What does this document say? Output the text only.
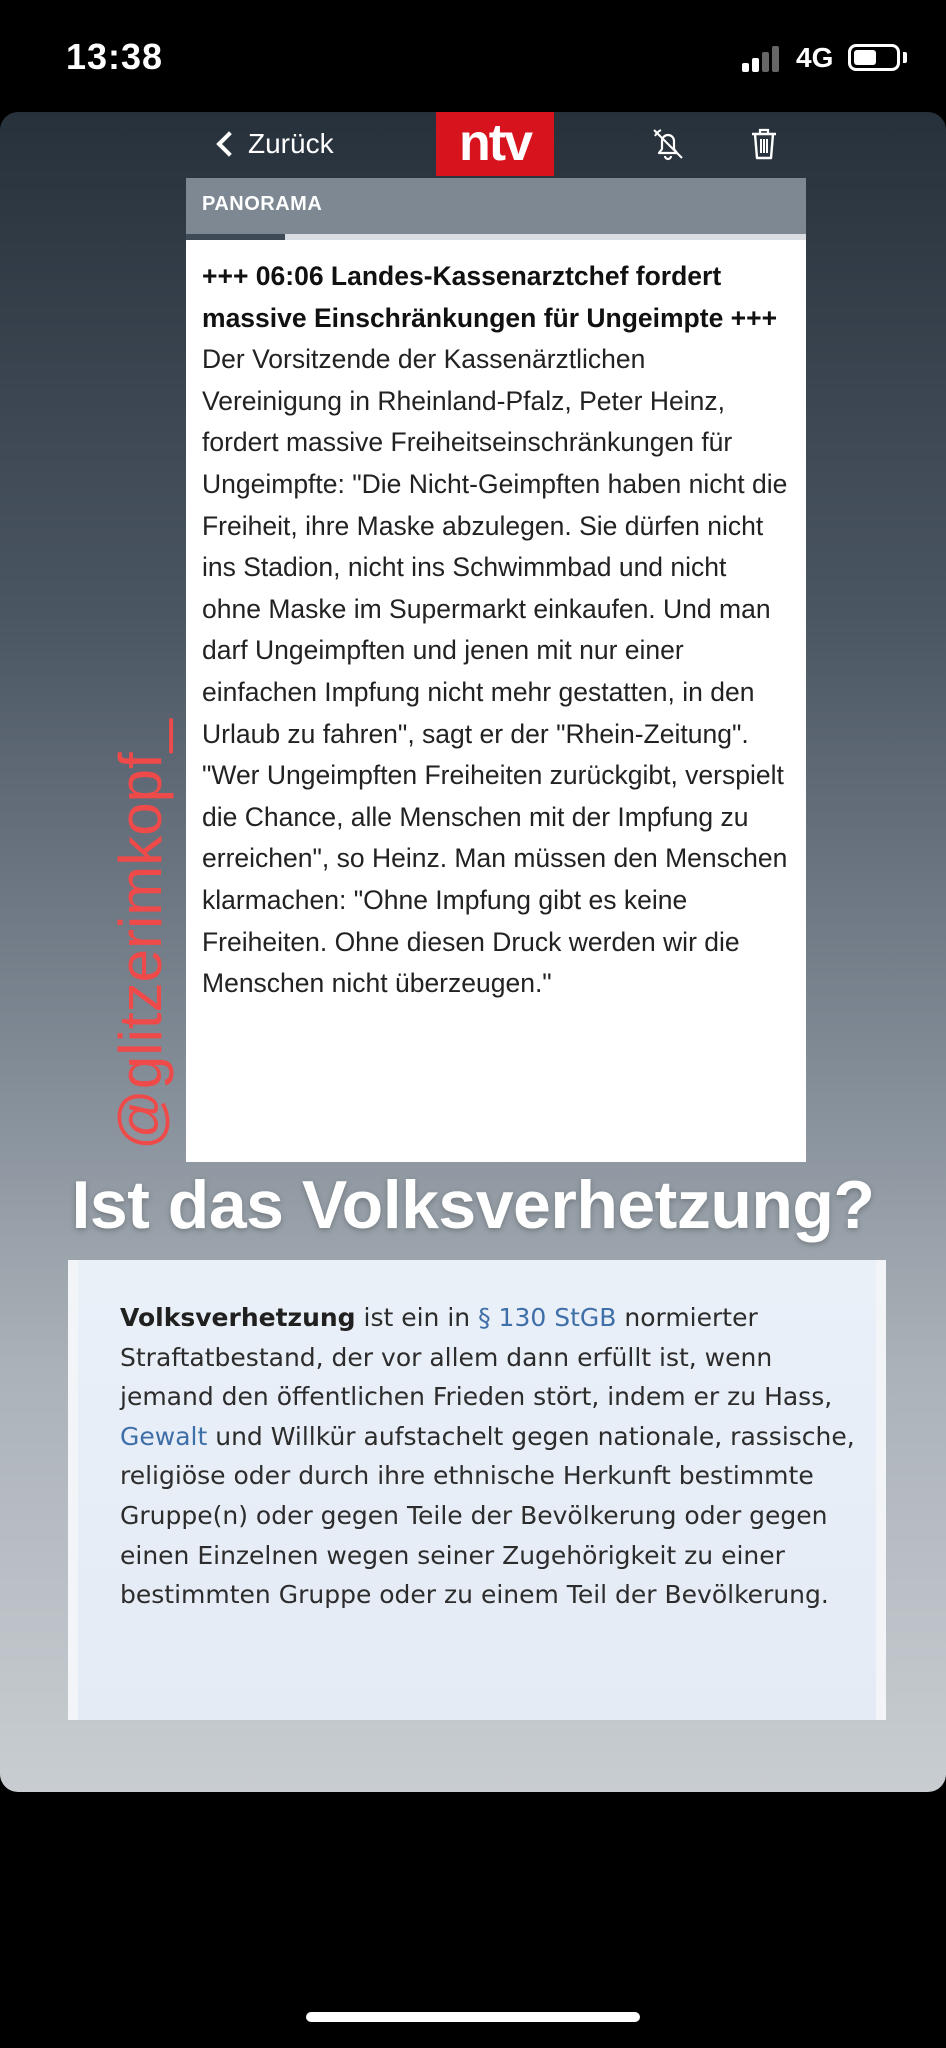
13:38	4G
Zurück	ntv
PANORAMA
+++ 06:06 Landes-Kassenarztchef fordert massive Einschränkungen für Ungeimpte +++
Der Vorsitzende der Kassenärztlichen Vereinigung in Rheinland-Pfalz, Peter Heinz, fordert massive Freiheitseinschränkungen für Ungeimpfte: "Die Nicht-Geimpften haben nicht die Freiheit, ihre Maske abzulegen. Sie dürfen nicht ins Stadion, nicht ins Schwimmbad und nicht ohne Maske im Supermarkt einkaufen. Und man darf Ungeimpften und jenen mit nur einer einfachen Impfung nicht mehr gestatten, in den Urlaub zu fahren", sagt er der "Rhein-Zeitung". "Wer Ungeimpften Freiheiten zurückgibt, verspielt die Chance, alle Menschen mit der Impfung zu erreichen", so Heinz. Man müssen den Menschen klarmachen: "Ohne Impfung gibt es keine Freiheiten. Ohne diesen Druck werden wir die Menschen nicht überzeugen."
@glitzerimkopf_
Ist das Volksverhetzung?
Volksverhetzung ist ein in § 130 StGB normierter Straftatbestand, der vor allem dann erfüllt ist, wenn jemand den öffentlichen Frieden stört, indem er zu Hass, Gewalt und Willkür aufstachelt gegen nationale, rassische, religiöse oder durch ihre ethnische Herkunft bestimmte Gruppe(n) oder gegen Teile der Bevölkerung oder gegen einen Einzelnen wegen seiner Zugehörigkeit zu einer bestimmten Gruppe oder zu einem Teil der Bevölkerung.
